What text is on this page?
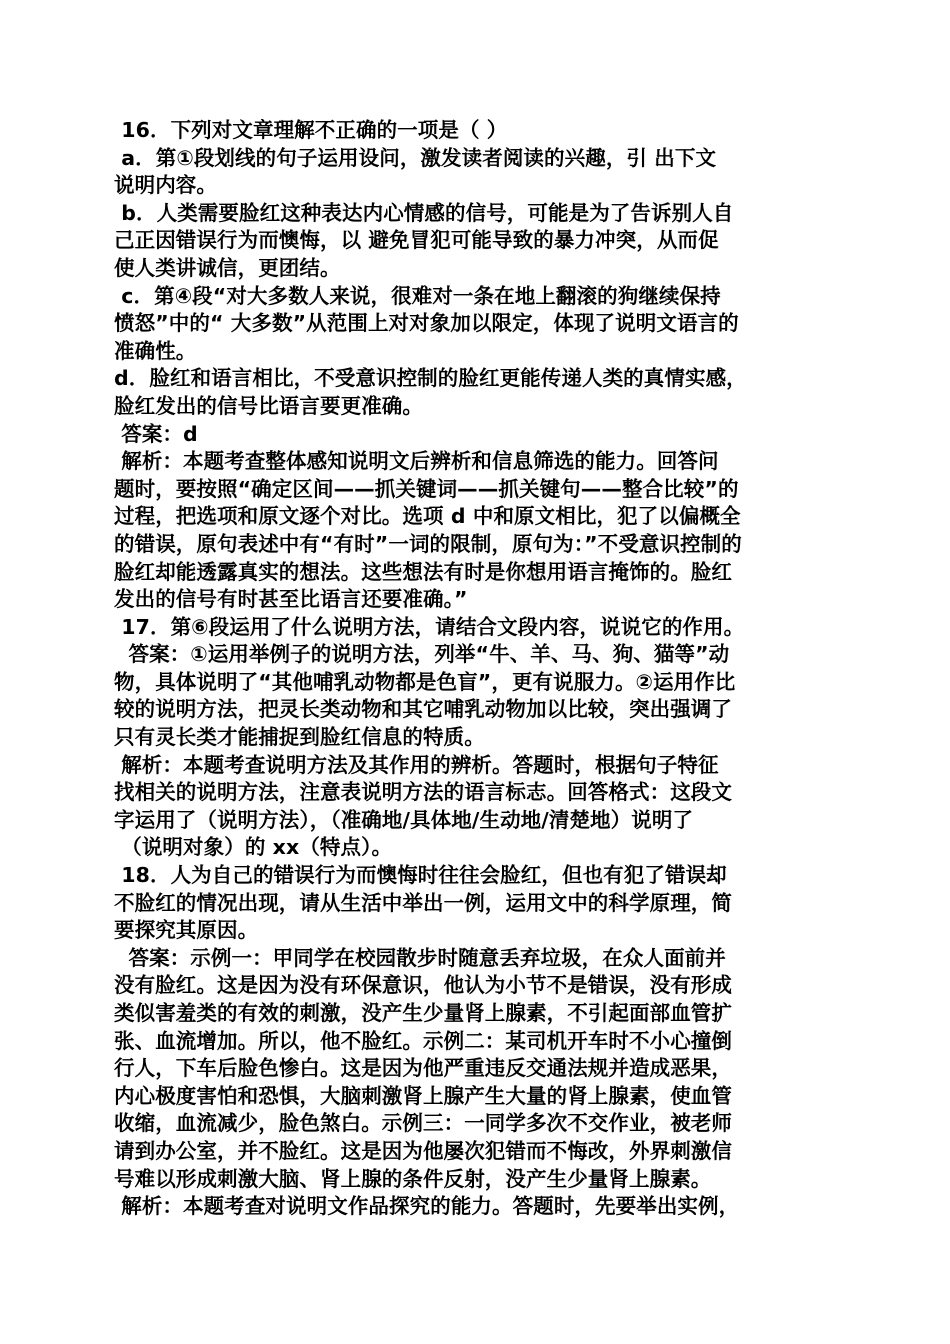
16．下列对文章理解不正确的一项是（ ）
a．第①段划线的句子运用设问，激发读者阅读的兴趣，引 出下文
说明内容。
b．人类需要脸红这种表达内心情感的信号，可能是为了告诉别人自
己正因错误行为而懊悔，以 避免冒犯可能导致的暴力冲突，从而促
使人类讲诚信，更团结。
c．第④段“对大多数人来说，很难对一条在地上翻滚的狗继续保持
愤怒”中的“ 大多数”从范围上对对象加以限定，体现了说明文语言的
准确性。
d．脸红和语言相比，不受意识控制的脸红更能传递人类的真情实感，
脸红发出的信号比语言要更准确。
答案：d
解析：本题考查整体感知说明文后辨析和信息筛选的能力。回答问
题时，要按照“确定区间——抓关键词——抓关键句——整合比较”的
过程，把选项和原文逐个对比。选项 d 中和原文相比，犯了以偏概全
的错误，原句表述中有“有时”一词的限制，原句为：”不受意识控制的
脸红却能透露真实的想法。这些想法有时是你想用语言掩饰的。脸红
发出的信号有时甚至比语言还要准确。”
17．第⑥段运用了什么说明方法，请结合文段内容，说说它的作用。
答案：①运用举例子的说明方法，列举“牛、羊、马、狗、猫等”动
物，具体说明了“其他哺乳动物都是色盲”，更有说服力。②运用作比
较的说明方法，把灵长类动物和其它哺乳动物加以比较，突出强调了
只有灵长类才能捕捉到脸红信息的特质。
解析：本题考查说明方法及其作用的辨析。答题时，根据句子特征
找相关的说明方法，注意表说明方法的语言标志。回答格式：这段文
字运用了（说明方法），（准确地/具体地/生动地/清楚地）说明了
（说明对象）的 xx（特点）。
18．人为自己的错误行为而懊悔时往往会脸红，但也有犯了错误却
不脸红的情况出现，请从生活中举出一例，运用文中的科学原理，简
要探究其原因。
答案：示例一：甲同学在校园散步时随意丢弃垃圾，在众人面前并
没有脸红。这是因为没有环保意识，他认为小节不是错误，没有形成
类似害羞类的有效的刺激，没产生少量肾上腺素，不引起面部血管扩
张、血流增加。所以，他不脸红。示例二：某司机开车时不小心撞倒
行人，下车后脸色惨白。这是因为他严重违反交通法规并造成恶果，
内心极度害怕和恐惧，大脑刺激肾上腺产生大量的肾上腺素，使血管
收缩，血流减少，脸色煞白。示例三：一同学多次不交作业，被老师
请到办公室，并不脸红。这是因为他屡次犯错而不悔改，外界刺激信
号难以形成刺激大脑、肾上腺的条件反射，没产生少量肾上腺素。
解析：本题考查对说明文作品探究的能力。答题时，先要举出实例，
